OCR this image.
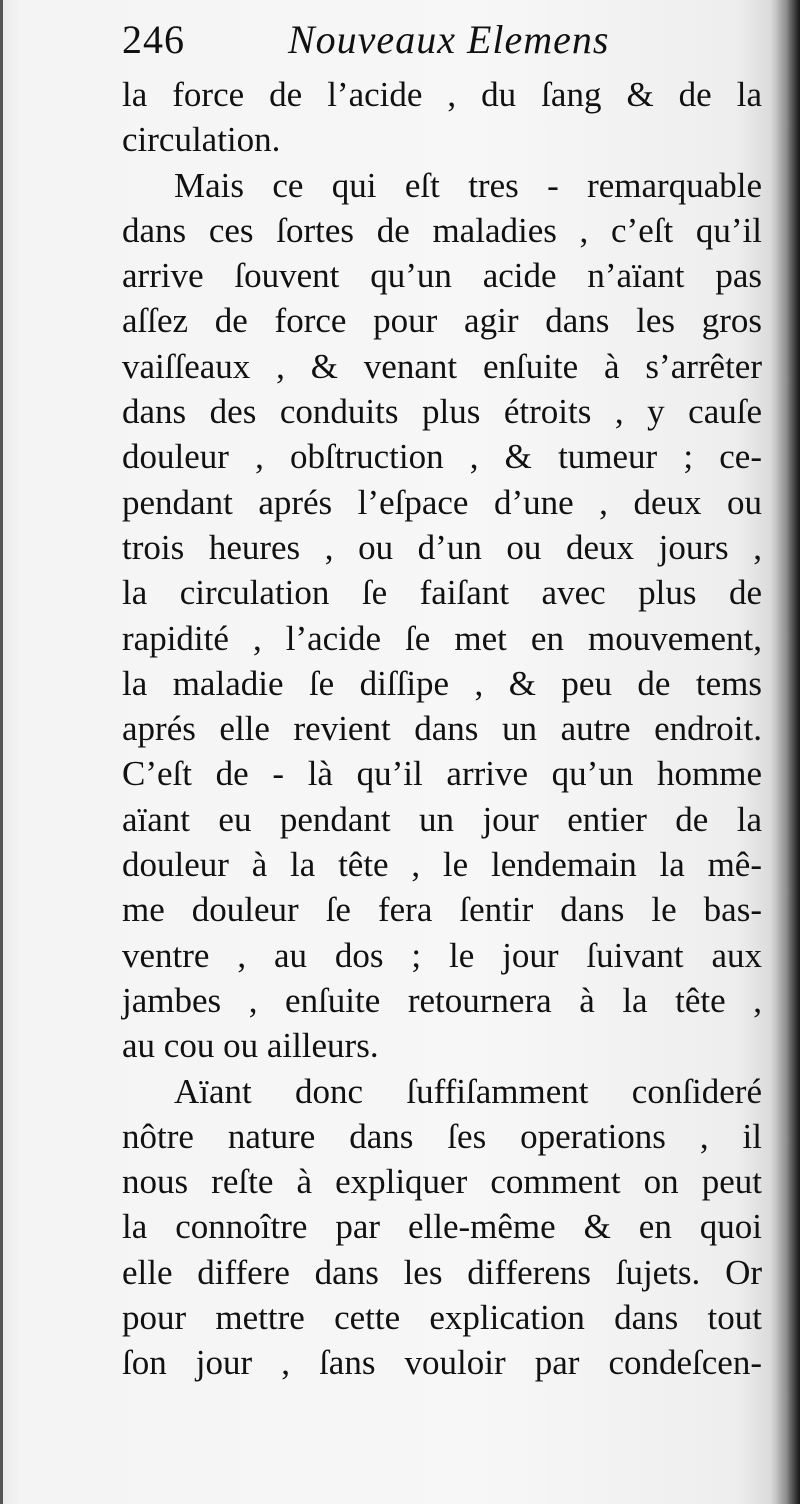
246	Nouveaux Elemens
la force de l’acide , du ſang & de la
circulation.
Mais ce qui eſt tres - remarquable
dans ces ſortes de maladies , c’eſt qu’il
arrive ſouvent qu’un acide n’aïant pas
aſſez de force pour agir dans les gros
vaiſſeaux , & venant enſuite à s’arrêter
dans des conduits plus étroits , y cauſe
douleur , obſtruction , & tumeur ; ce-
pendant aprés l’eſpace d’une , deux ou
trois heures , ou d’un ou deux jours ,
la circulation ſe faiſant avec plus de
rapidité , l’acide ſe met en mouvement,
la maladie ſe diſſipe , & peu de tems
aprés elle revient dans un autre endroit.
C’eſt de - là qu’il arrive qu’un homme
aïant eu pendant un jour entier de la
douleur à la tête , le lendemain la mê-
me douleur ſe fera ſentir dans le bas-
ventre , au dos ; le jour ſuivant aux
jambes , enſuite retournera à la tête ,
au cou ou ailleurs.
Aïant donc ſuffiſamment conſideré
nôtre nature dans ſes operations , il
nous reſte à expliquer comment on peut
la connoître par elle-même & en quoi
elle differe dans les differens ſujets. Or
pour mettre cette explication dans tout
ſon jour , ſans vouloir par condeſcen-
